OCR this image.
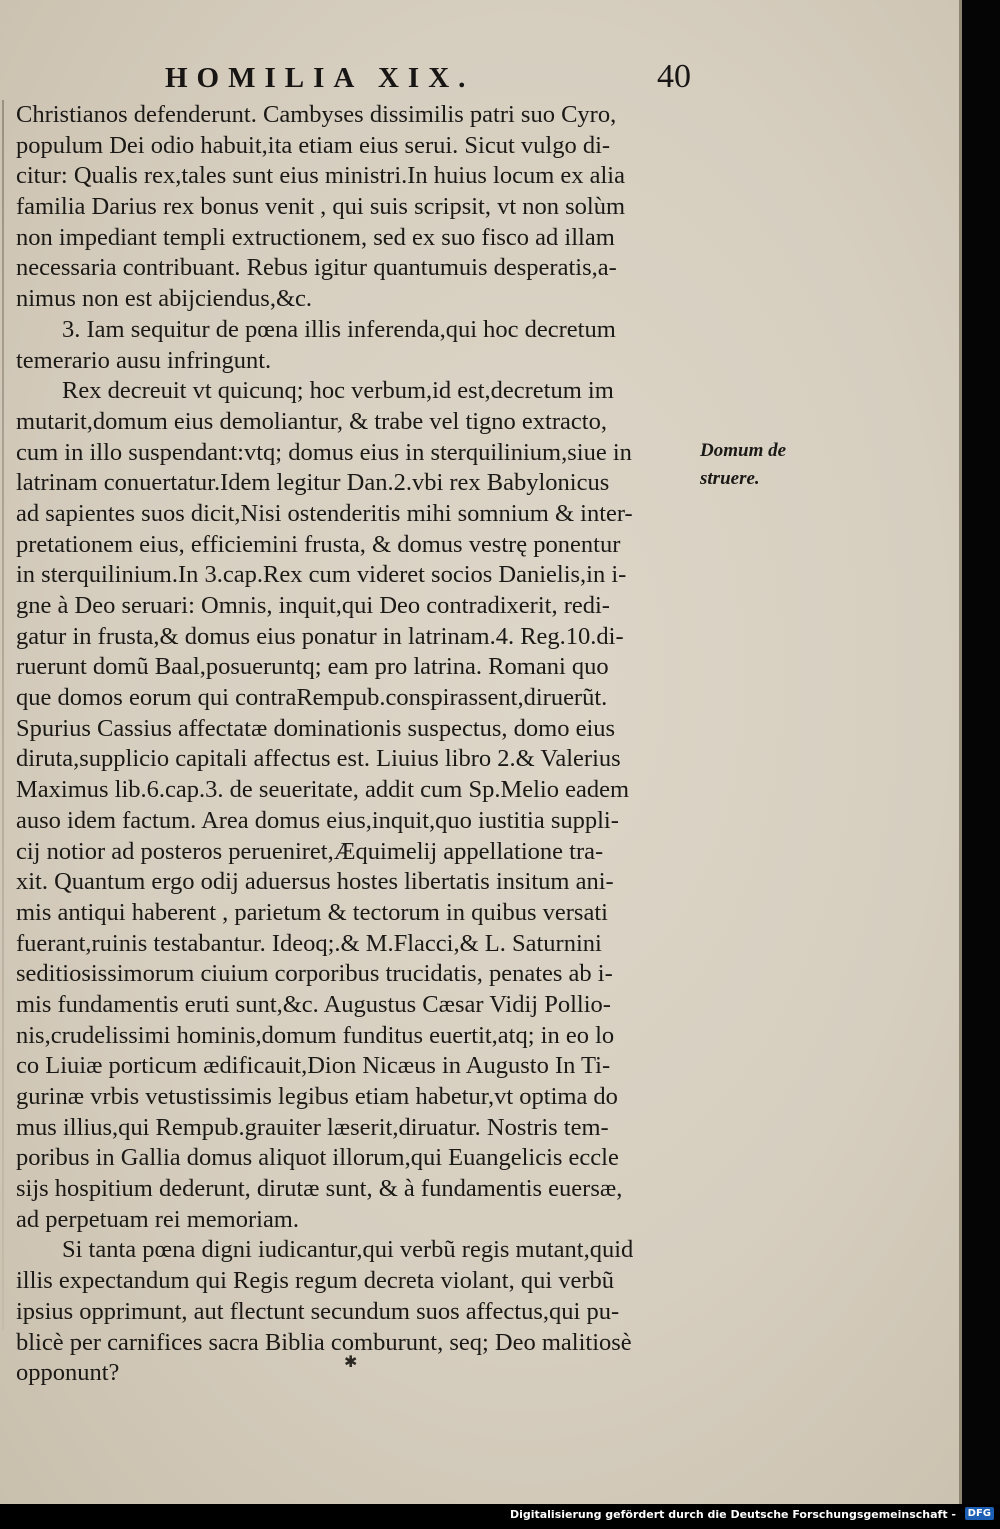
HOMILIA XIX.	40
Christianos defenderunt. Cambyses dissimilis patri suo Cyro,
populum Dei odio habuit,ita etiam eius serui. Sicut vulgo di-
citur: Qualis rex,tales sunt eius ministri.In huius locum ex alia
familia Darius rex bonus venit , qui suis scripsit, vt non solùm
non impediant templi extructionem, sed ex suo fisco ad illam
necessaria contribuant. Rebus igitur quantumuis desperatis,a-
nimus non est abijciendus,&c.
3. Iam sequitur de pœna illis inferenda,qui hoc decretum
temerario ausu infringunt.
Rex decreuit vt quicunq; hoc verbum,id est,decretum im
mutarit,domum eius demoliantur, & trabe vel tigno extracto,
cum in illo suspendant:vtq; domus eius in sterquilinium,siue in
latrinam conuertatur.Idem legitur Dan.2.vbi rex Babylonicus
ad sapientes suos dicit,Nisi ostenderitis mihi somnium & inter-
pretationem eius, efficiemini frusta, & domus vestrę ponentur
in sterquilinium.In 3.cap.Rex cum videret socios Danielis,in i-
gne à Deo seruari: Omnis, inquit,qui Deo contradixerit, redi-
gatur in frusta,& domus eius ponatur in latrinam.4. Reg.10.di-
ruerunt domũ Baal,posueruntq; eam pro latrina. Romani quo
que domos eorum qui contraRempub.conspirassent,diruerũt.
Spurius Cassius affectatæ dominationis suspectus, domo eius
diruta,supplicio capitali affectus est. Liuius libro 2.& Valerius
Maximus lib.6.cap.3. de seueritate, addit cum Sp.Melio eadem
auso idem factum. Area domus eius,inquit,quo iustitia suppli-
cij notior ad posteros perueniret,Æquimelij appellatione tra-
xit. Quantum ergo odij aduersus hostes libertatis insitum ani-
mis antiqui haberent , parietum & tectorum in quibus versati
fuerant,ruinis testabantur. Ideoq;.& M.Flacci,& L. Saturnini
seditiosissimorum ciuium corporibus trucidatis, penates ab i-
mis fundamentis eruti sunt,&c. Augustus Cæsar Vidij Pollio-
nis,crudelissimi hominis,domum funditus euertit,atq; in eo lo
co Liuiæ porticum ædificauit,Dion Nicæus in Augusto In Ti-
gurinæ vrbis vetustissimis legibus etiam habetur,vt optima do
mus illius,qui Rempub.grauiter læserit,diruatur. Nostris tem-
poribus in Gallia domus aliquot illorum,qui Euangelicis eccle
sijs hospitium dederunt, dirutæ sunt, & à fundamentis euersæ,
ad perpetuam rei memoriam.
Si tanta pœna digni iudicantur,qui verbũ regis mutant,quid
illis expectandum qui Regis regum decreta violant, qui verbũ
ipsius opprimunt, aut flectunt secundum suos affectus,qui pu-
blicè per carnifices sacra Biblia comburunt, seq; Deo malitiosè
opponunt?
Domum de
struere.
✱
Digitalisierung gefördert durch die Deutsche Forschungsgemeinschaft -	DFG
